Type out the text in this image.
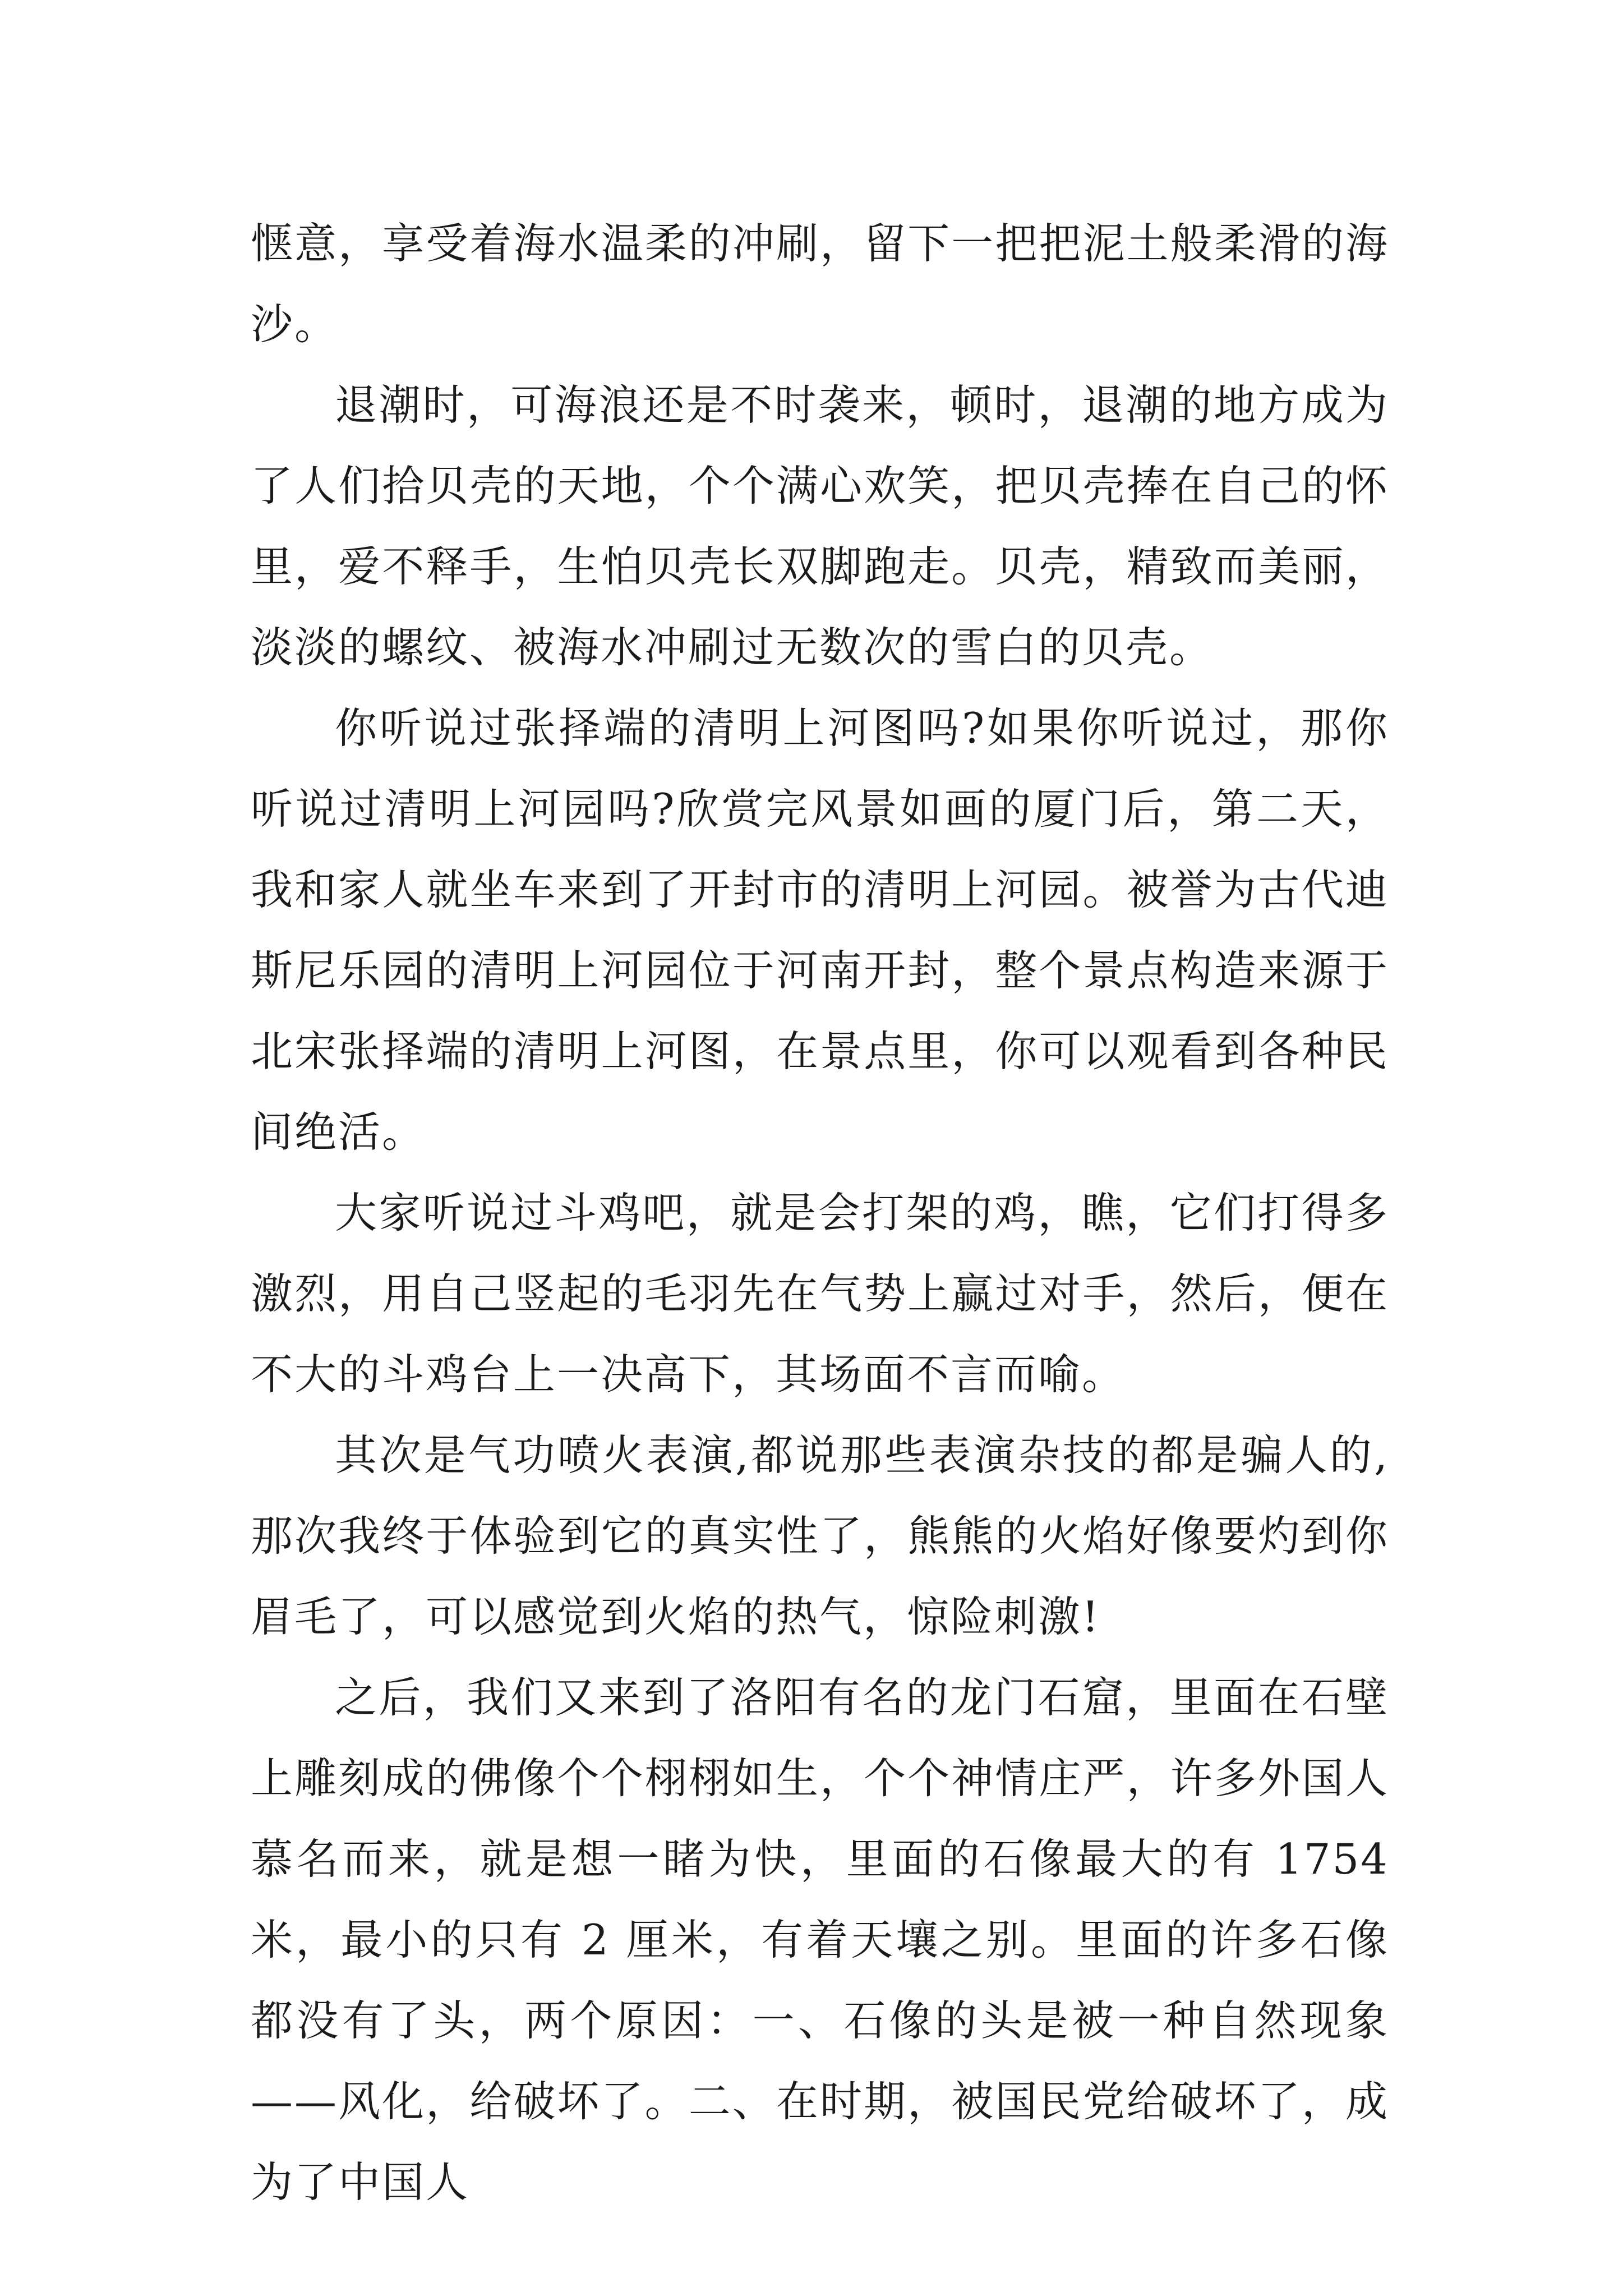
惬意，享受着海水温柔的冲刷，留下一把把泥土般柔滑的海沙。

退潮时，可海浪还是不时袭来，顿时，退潮的地方成为了人们拾贝壳的天地，个个满心欢笑，把贝壳捧在自己的怀里，爱不释手，生怕贝壳长双脚跑走。贝壳，精致而美丽，淡淡的螺纹、被海水冲刷过无数次的雪白的贝壳。

你听说过张择端的清明上河图吗?如果你听说过，那你听说过清明上河园吗?欣赏完风景如画的厦门后，第二天，我和家人就坐车来到了开封市的清明上河园。被誉为古代迪斯尼乐园的清明上河园位于河南开封，整个景点构造来源于北宋张择端的清明上河图，在景点里，你可以观看到各种民间绝活。

大家听说过斗鸡吧，就是会打架的鸡，瞧，它们打得多激烈，用自己竖起的毛羽先在气势上赢过对手，然后，便在不大的斗鸡台上一决高下，其场面不言而喻。

其次是气功喷火表演,都说那些表演杂技的都是骗人的,那次我终于体验到它的真实性了，熊熊的火焰好像要灼到你眉毛了，可以感觉到火焰的热气，惊险刺激!

之后，我们又来到了洛阳有名的龙门石窟，里面在石壁上雕刻成的佛像个个栩栩如生，个个神情庄严，许多外国人慕名而来，就是想一睹为快，里面的石像最大的有 1754 米，最小的只有 2 厘米，有着天壤之别。里面的许多石像都没有了头，两个原因：一、石像的头是被一种自然现象——风化，给破坏了。二、在时期，被国民党给破坏了，成为了中国人
